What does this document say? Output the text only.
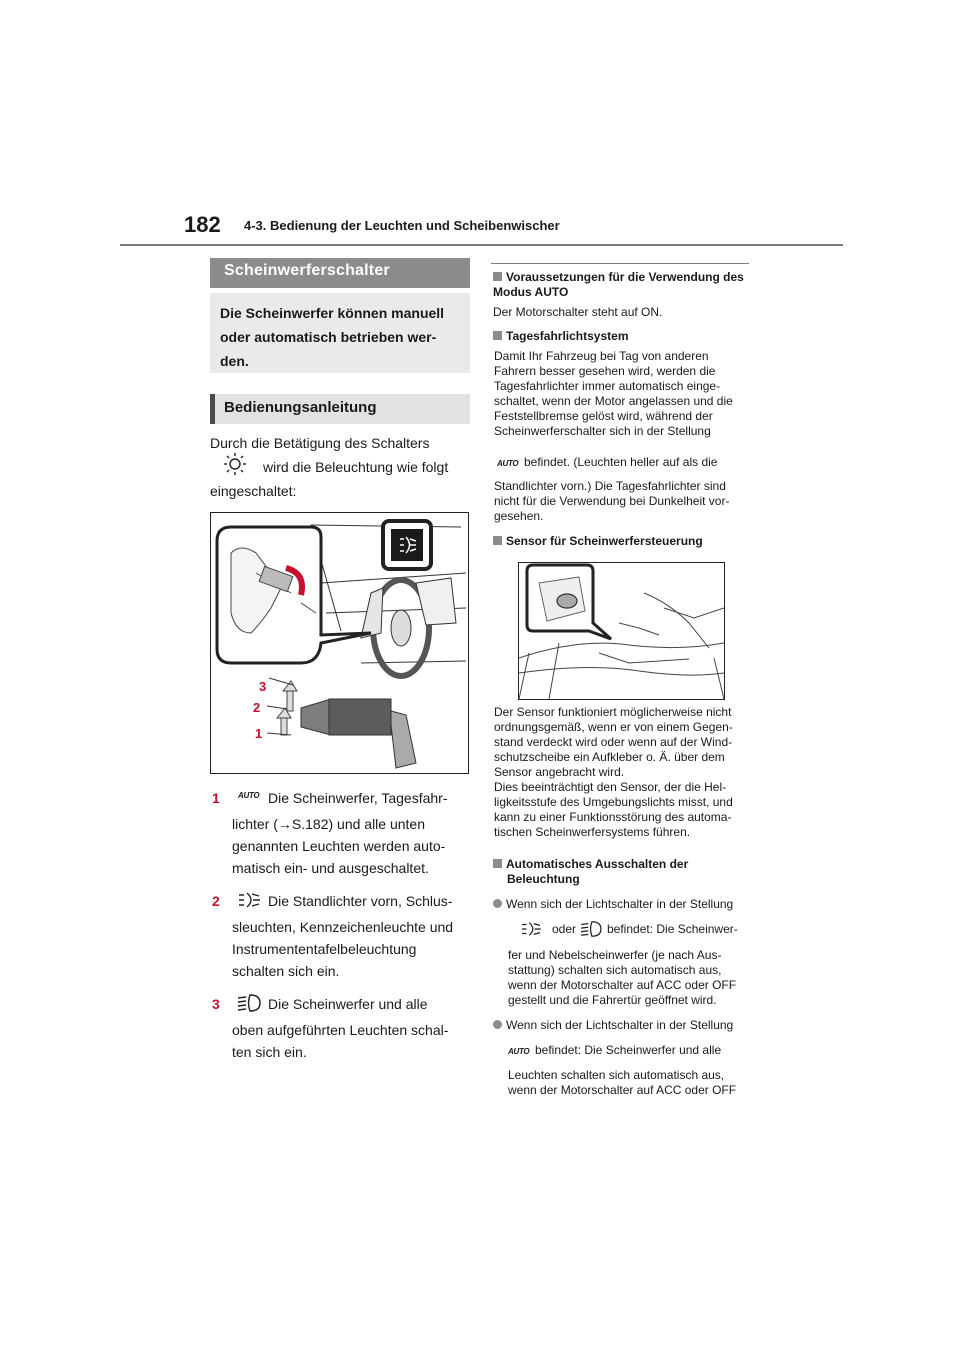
182 4-3. Bedienung der Leuchten und Scheibenwischer
Scheinwerferschalter
Die Scheinwerfer können manuell oder automatisch betrieben wer-den.
Bedienungsanleitung
Durch die Betätigung des Schalters
wird die Beleuchtung wie folgt
eingeschaltet:
3
2
1
1 AUTO Die Scheinwerfer, Tagesfahr-
lichter (→S.182) und alle unten
genannten Leuchten werden auto-
matisch ein- und ausgeschaltet.
2	Die Standlichter vorn, Schlus-
sleuchten, Kennzeichenleuchte und
Instrumententafelbeleuchtung
schalten sich ein.
3	Die Scheinwerfer und alle
oben aufgeführten Leuchten schal-
ten sich ein.
Voraussetzungen für die Verwendung des Modus AUTO
Der Motorschalter steht auf ON.
Tagesfahrlichtsystem
Damit Ihr Fahrzeug bei Tag von anderen
Fahrern besser gesehen wird, werden die
Tagesfahrlichter immer automatisch einge-
schaltet, wenn der Motor angelassen und die
Feststellbremse gelöst wird, während der
Scheinwerferschalter sich in der Stellung
AUTO befindet. (Leuchten heller auf als die
Standlichter vorn.) Die Tagesfahrlichter sind
nicht für die Verwendung bei Dunkelheit vor-
gesehen.
Sensor für Scheinwerfersteuerung
Der Sensor funktioniert möglicherweise nicht
ordnungsgemäß, wenn er von einem Gegen-
stand verdeckt wird oder wenn auf der Wind-
schutzscheibe ein Aufkleber o. Ä. über dem
Sensor angebracht wird.
Dies beeinträchtigt den Sensor, der die Hel-
ligkeitsstufe des Umgebungslichts misst, und
kann zu einer Funktionsstörung des automa-
tischen Scheinwerfersystems führen.
Automatisches Ausschalten der
Beleuchtung
Wenn sich der Lichtschalter in der Stellung
oder	befindet: Die Scheinwer-
fer und Nebelscheinwerfer (je nach Aus-
stattung) schalten sich automatisch aus,
wenn der Motorschalter auf ACC oder OFF
gestellt und die Fahrertür geöffnet wird.
Wenn sich der Lichtschalter in der Stellung
AUTO befindet: Die Scheinwerfer und alle
Leuchten schalten sich automatisch aus,
wenn der Motorschalter auf ACC oder OFF
